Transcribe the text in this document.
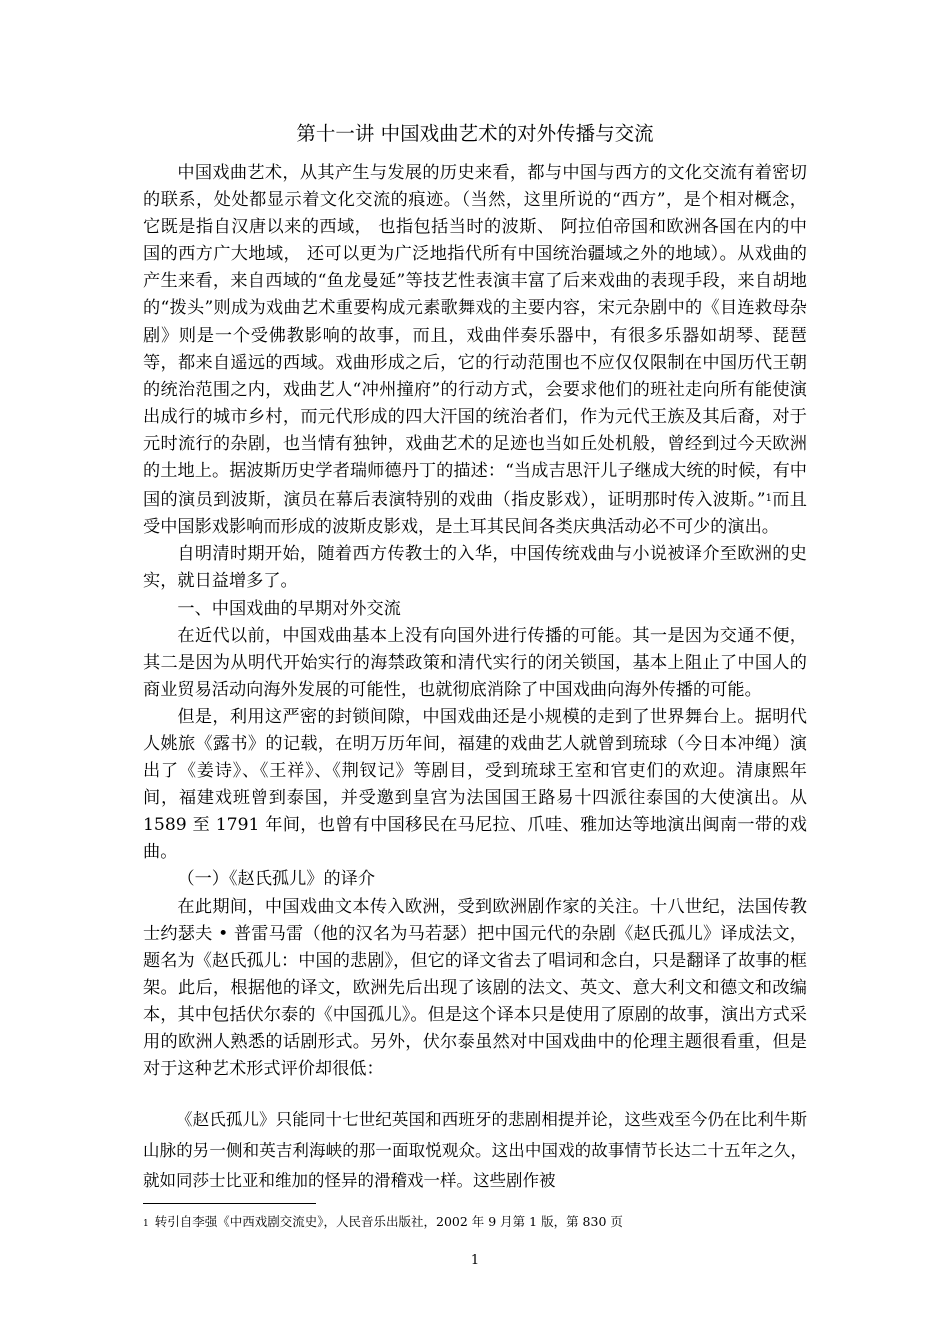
第十一讲 中国戏曲艺术的对外传播与交流

中国戏曲艺术，从其产生与发展的历史来看，都与中国与西方的文化交流有着密切的联系，处处都显示着文化交流的痕迹。（当然，这里所说的“西方”，是个相对概念， 它既是指自汉唐以来的西域， 也指包括当时的波斯、 阿拉伯帝国和欧洲各国在内的中国的西方广大地域， 还可以更为广泛地指代所有中国统治疆域之外的地域）。从戏曲的产生来看，来自西域的“鱼龙曼延”等技艺性表演丰富了后来戏曲的表现手段，来自胡地的“拨头”则成为戏曲艺术重要构成元素歌舞戏的主要内容，宋元杂剧中的《目连救母杂剧》则是一个受佛教影响的故事，而且，戏曲伴奏乐器中，有很多乐器如胡琴、琵琶等，都来自遥远的西域。戏曲形成之后，它的行动范围也不应仅仅限制在中国历代王朝的统治范围之内，戏曲艺人“冲州撞府”的行动方式，会要求他们的班社走向所有能使演出成行的城市乡村，而元代形成的四大汗国的统治者们，作为元代王族及其后裔，对于元时流行的杂剧，也当情有独钟，戏曲艺术的足迹也当如丘处机般，曾经到过今天欧洲的土地上。据波斯历史学者瑞师德丹丁的描述：“当成吉思汗儿子继成大统的时候，有中国的演员到波斯，演员在幕后表演特别的戏曲（指皮影戏），证明那时传入波斯。”$^1$而且受中国影戏影响而形成的波斯皮影戏，是土耳其民间各类庆典活动必不可少的演出。

自明清时期开始，随着西方传教士的入华，中国传统戏曲与小说被译介至欧洲的史实，就日益增多了。

一、中国戏曲的早期对外交流

在近代以前，中国戏曲基本上没有向国外进行传播的可能。其一是因为交通不便，其二是因为从明代开始实行的海禁政策和清代实行的闭关锁国，基本上阻止了中国人的商业贸易活动向海外发展的可能性，也就彻底消除了中国戏曲向海外传播的可能。

但是，利用这严密的封锁间隙，中国戏曲还是小规模的走到了世界舞台上。据明代人姚旅《露书》的记载，在明万历年间，福建的戏曲艺人就曾到琉球（今日本冲绳）演出了《姜诗》、《王祥》、《荆钗记》等剧目，受到琉球王室和官吏们的欢迎。清康熙年间，福建戏班曾到泰国，并受邀到皇宫为法国国王路易十四派往泰国的大使演出。从 1589 至 1791 年间，也曾有中国移民在马尼拉、爪哇、雅加达等地演出闽南一带的戏曲。

（一）《赵氏孤儿》的译介

在此期间，中国戏曲文本传入欧洲，受到欧洲剧作家的关注。十八世纪，法国传教士约瑟夫 • 普雷马雷（他的汉名为马若瑟）把中国元代的杂剧《赵氏孤儿》译成法文，题名为《赵氏孤儿：中国的悲剧》，但它的译文省去了唱词和念白，只是翻译了故事的框架。此后，根据他的译文，欧洲先后出现了该剧的法文、英文、意大利文和德文和改编本，其中包括伏尔泰的《中国孤儿》。但是这个译本只是使用了原剧的故事，演出方式采用的欧洲人熟悉的话剧形式。另外，伏尔泰虽然对中国戏曲中的伦理主题很看重，但是对于这种艺术形式评价却很低：

《赵氏孤儿》只能同十七世纪英国和西班牙的悲剧相提并论，这些戏至今仍在比利牛斯山脉的另一侧和英吉利海峡的那一面取悦观众。这出中国戏的故事情节长达二十五年之久，就如同莎士比亚和维加的怪异的滑稽戏一样。这些剧作被

1 转引自李强《中西戏剧交流史》，人民音乐出版社，2002 年 9 月第 1 版，第 830 页
1
